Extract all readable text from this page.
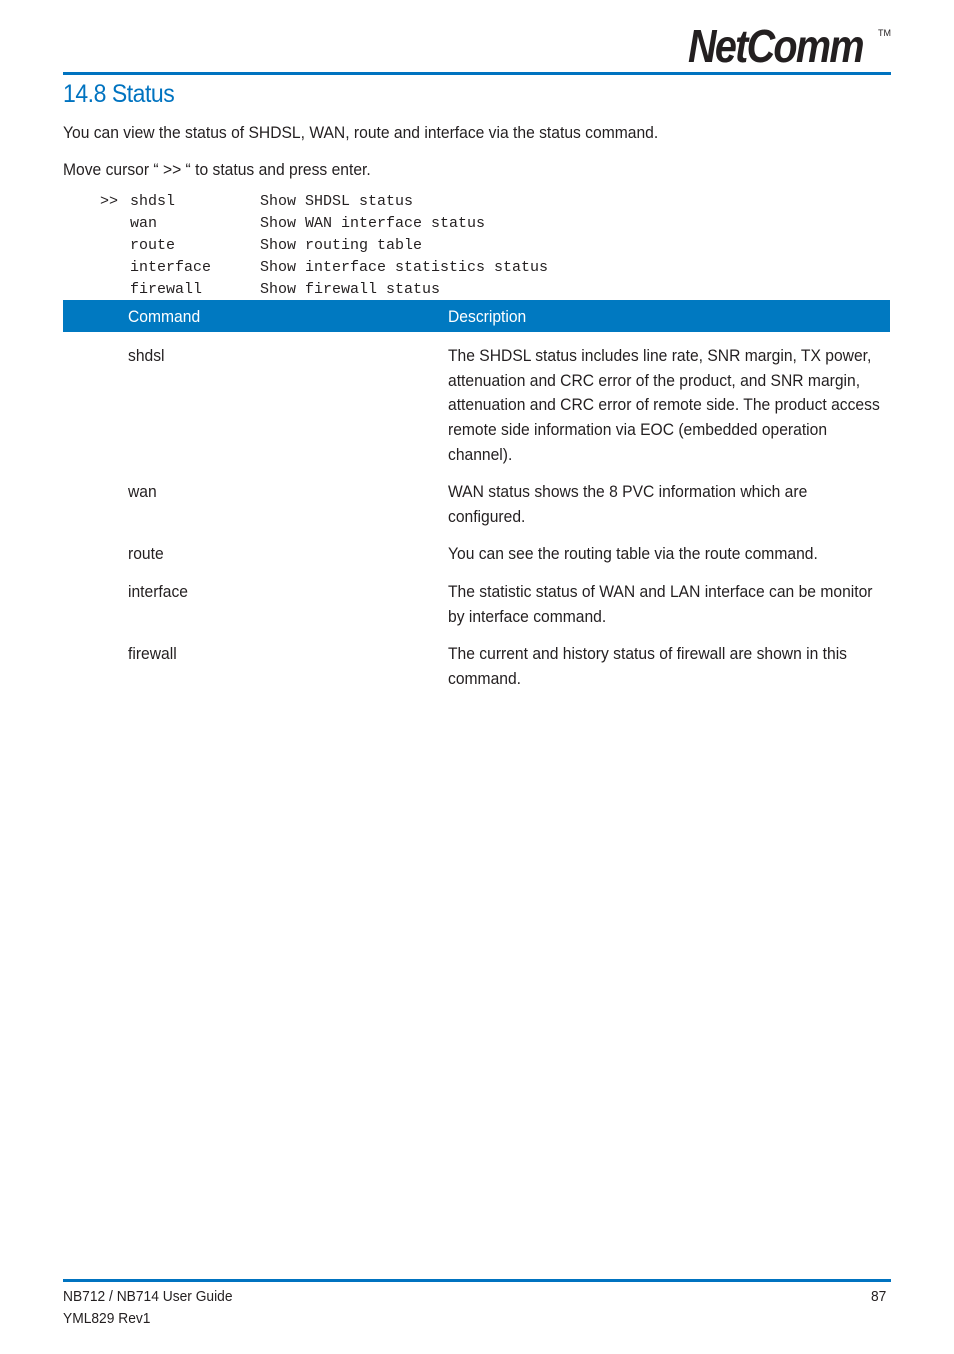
NetComm TM
14.8 Status

You can view the status of SHDSL, WAN, route and interface via the status command.

Move cursor “ >> “ to status and press enter.

>> shdsl	Show SHDSL status
wan	Show WAN interface status
route	Show routing table
interface	Show interface statistics status
firewall	Show firewall status
Command	Description
shdsl	The SHDSL status includes line rate, SNR margin, TX power, attenuation and CRC error of the product, and SNR margin, attenuation and CRC error of remote side. The product access remote side information via EOC (embedded operation channel).
wan	WAN status shows the 8 PVC information which are configured.
route	You can see the routing table via the route command.
interface	The statistic status of WAN and LAN interface can be monitor by interface command.
firewall	The current and history status of firewall are shown in this command.
NB712 / NB714 User Guide
YML829 Rev1
87
